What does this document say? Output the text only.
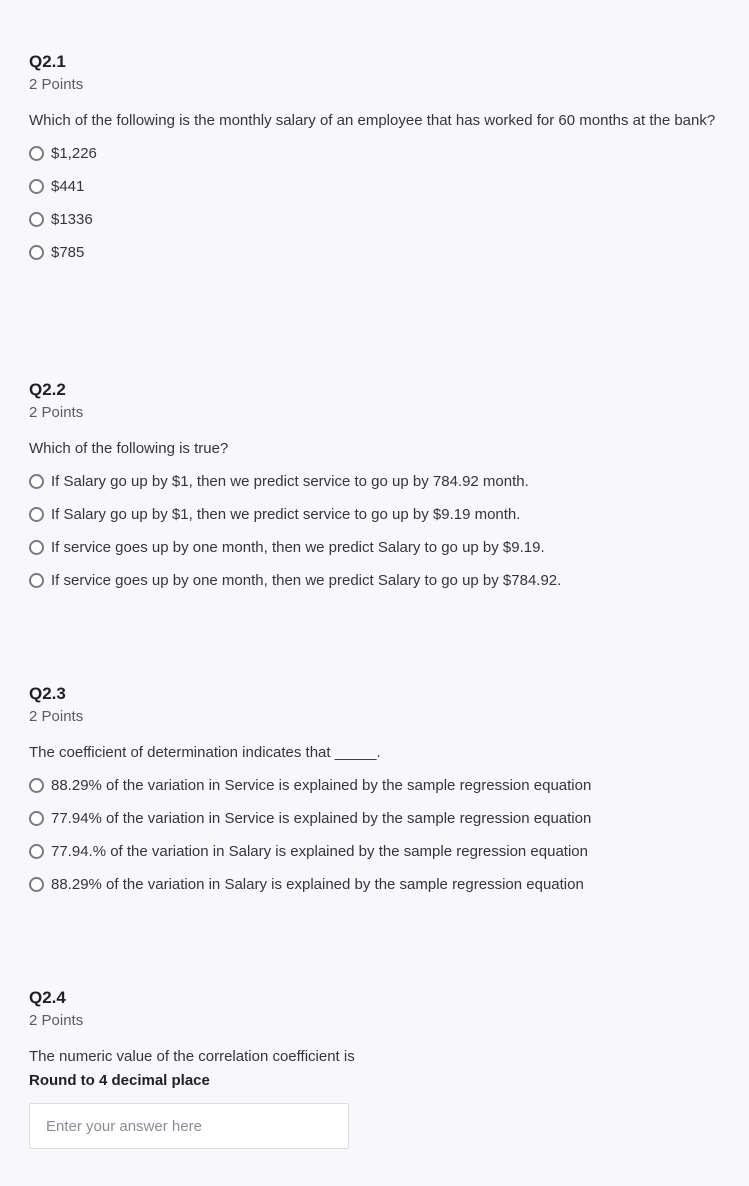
Q2.1
2 Points
Which of the following is the monthly salary of an employee that has worked for 60 months at the bank?
$1,226
$441
$1336
$785
Q2.2
2 Points
Which of the following is true?
If Salary go up by $1, then we predict service to go up by 784.92 month.
If Salary go up by $1, then we predict service to go up by $9.19 month.
If service goes up by one month, then we predict Salary to go up by $9.19.
If service goes up by one month, then we predict Salary to go up by $784.92.
Q2.3
2 Points
The coefficient of determination indicates that _____.
88.29% of the variation in Service is explained by the sample regression equation
77.94% of the variation in Service is explained by the sample regression equation
77.94.% of the variation in Salary is explained by the sample regression equation
88.29% of the variation in Salary is explained by the sample regression equation
Q2.4
2 Points
The numeric value of the correlation coefficient is
Round to 4 decimal place
Enter your answer here
